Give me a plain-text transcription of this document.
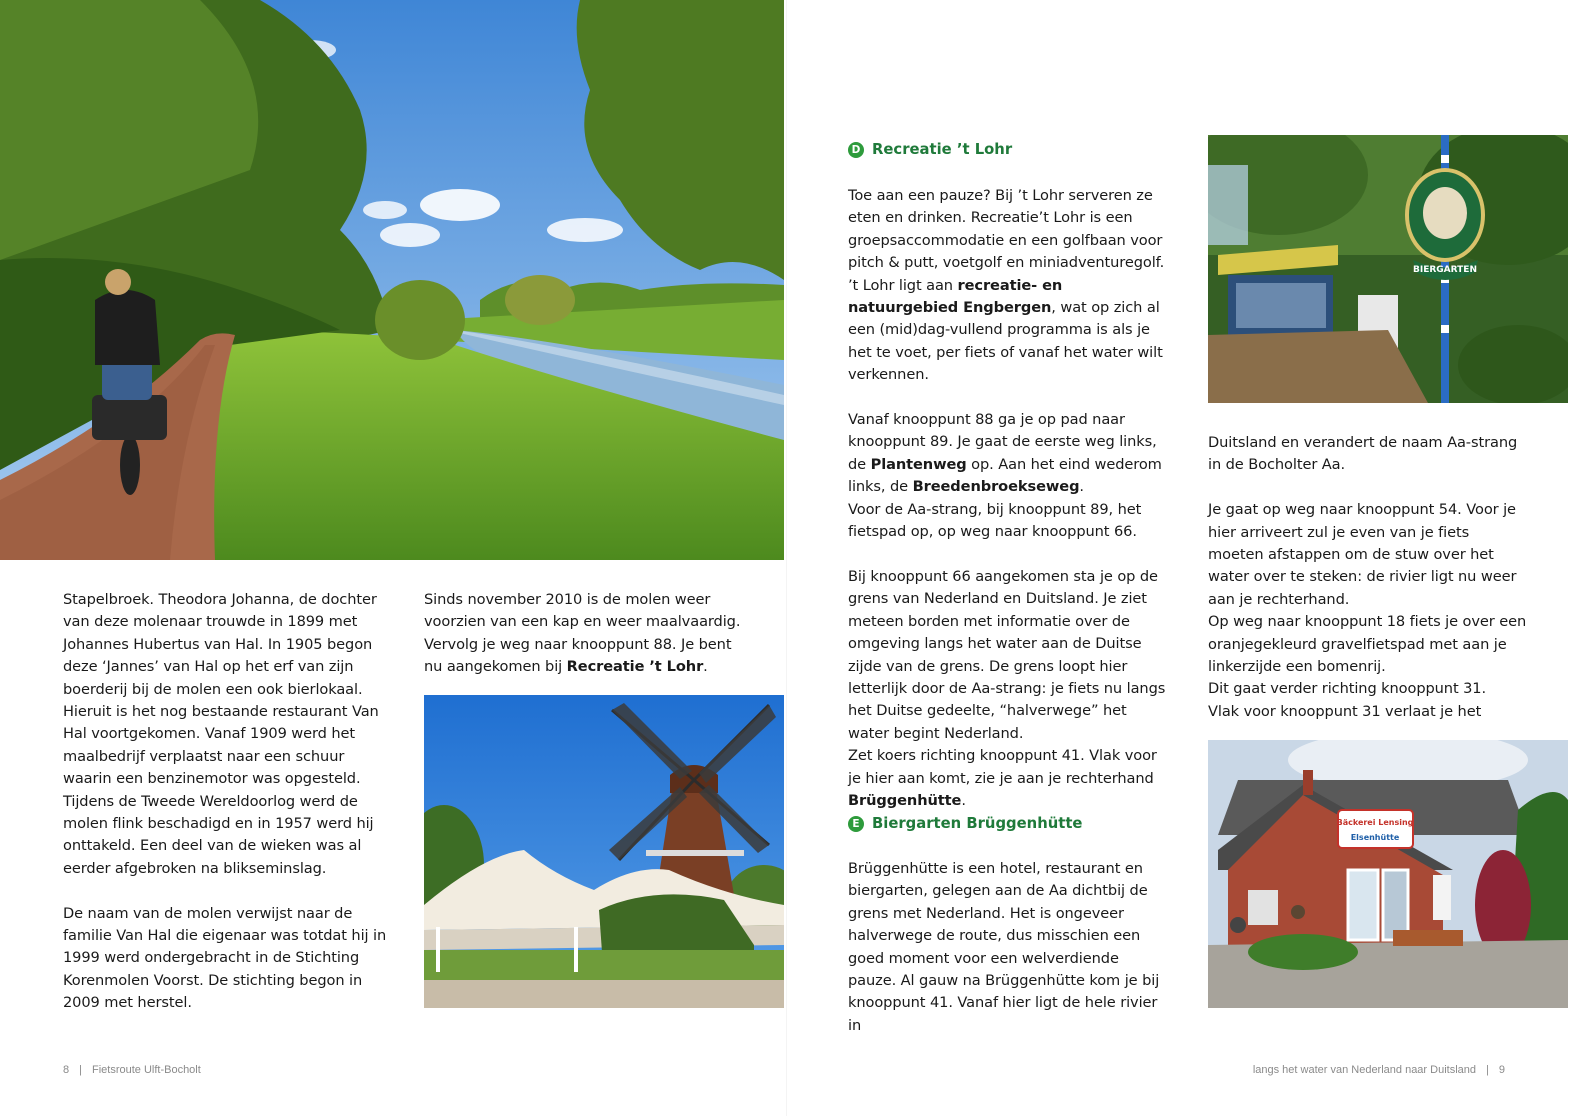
Stapelbroek. Theodora Johanna, de dochter van deze molenaar trouwde in 1899 met Johannes Hubertus van Hal. In 1905 begon deze ‘Jannes’ van Hal op het erf van zijn boerderij bij de molen een ook bierlokaal. Hieruit is het nog bestaande restaurant Van Hal voortgekomen. Vanaf 1909 werd het maalbedrijf verplaatst naar een schuur waarin een benzinemotor was opgesteld. Tijdens de Tweede Wereldoorlog werd de molen flink beschadigd en in 1957 werd hij onttakeld. Een deel van de wieken was al eerder afgebroken na blikseminslag.

De naam van de molen verwijst naar de familie Van Hal die eigenaar was totdat hij in 1999 werd ondergebracht in de Stichting Korenmolen Voorst. De stichting begon in 2009 met herstel.

Sinds november 2010 is de molen weer voorzien van een kap en weer maalvaardig. Vervolg je weg naar knooppunt 88. Je bent nu aangekomen bij Recreatie ’t Lohr.

8 | Fietsroute Ulft-Bocholt
D Recreatie ’t Lohr

Toe aan een pauze? Bij ’t Lohr serveren ze eten en drinken. Recreatie’t Lohr is een groepsaccommodatie en een golfbaan voor pitch & putt, voetgolf en miniadventuregolf. ’t Lohr ligt aan recreatie- en natuurgebied Engbergen, wat op zich al een (mid)dag-vullend programma is als je het te voet, per fiets of vanaf het water wilt verkennen.

Vanaf knooppunt 88 ga je op pad naar knooppunt 89. Je gaat de eerste weg links, de Plantenweg op. Aan het eind wederom links, de Breedenbroekseweg.
Voor de Aa-strang, bij knooppunt 89, het fietspad op, op weg naar knooppunt 66.

Bij knooppunt 66 aangekomen sta je op de grens van Nederland en Duitsland. Je ziet meteen borden met informatie over de omgeving langs het water aan de Duitse zijde van de grens. De grens loopt hier letterlijk door de Aa-strang: je fiets nu langs het Duitse gedeelte, “halverwege” het water begint Nederland.
Zet koers richting knooppunt 41. Vlak voor je hier aan komt, zie je aan je rechterhand Brüggenhütte.

E Biergarten Brüggenhütte

Brüggenhütte is een hotel, restaurant en biergarten, gelegen aan de Aa dichtbij de grens met Nederland. Het is ongeveer halverwege de route, dus misschien een goed moment voor een welverdiende pauze. Al gauw na Brüggenhütte kom je bij knooppunt 41. Vanaf hier ligt de hele rivier in

BIERGARTEN

Duitsland en verandert de naam Aa-strang in de Bocholter Aa.

Je gaat op weg naar knooppunt 54. Voor je hier arriveert zul je even van je fiets moeten afstappen om de stuw over het water over te steken: de rivier ligt nu weer aan je rechterhand.
Op weg naar knooppunt 18 fiets je over een oranjegekleurd gravelfietspad met aan je linkerzijde een bomenrij.
Dit gaat verder richting knooppunt 31.
Vlak voor knooppunt 31 verlaat je het

Bäckerei Lensing
Elsenhütte
langs het water van Nederland naar Duitsland | 9
